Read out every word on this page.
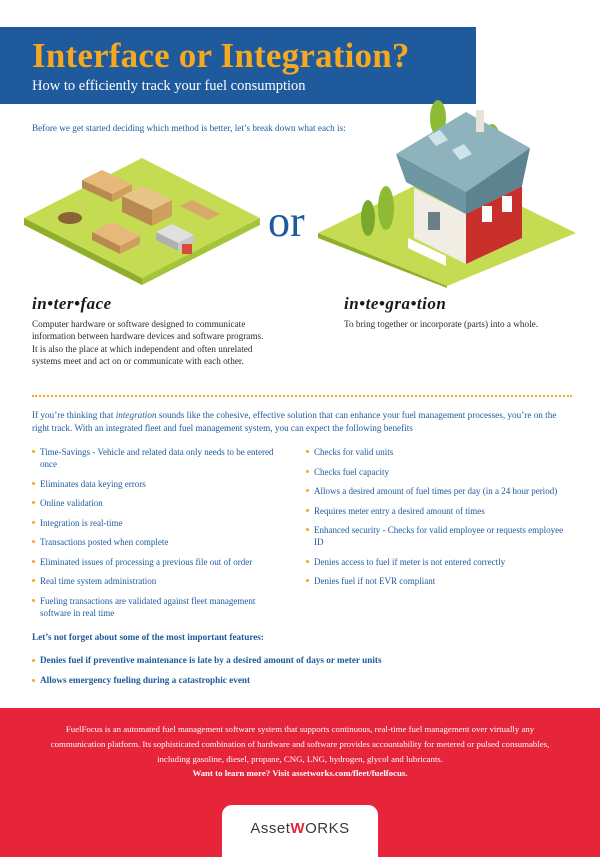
Interface or Integration?

How to efficiently track your fuel consumption

Before we get started deciding which method is better, let’s break down what each is:

or

in•ter•face

Computer hardware or software designed to communicate information between hardware devices and software programs. It is also the place at which independent and often unrelated systems meet and act on or communicate with each other.

in•te•gra•tion

To bring together or incorporate (parts) into a whole.

If you’re thinking that integration sounds like the cohesive, effective solution that can enhance your fuel management processes, you’re on the right track. With an integrated fleet and fuel management system, you can expect the following benefits

Time-Savings - Vehicle and related data only needs to be entered once
Eliminates data keying errors
Online validation
Integration is real-time
Transactions posted when complete
Eliminated issues of processing a previous file out of order
Real time system administration
Fueling transactions are validated against fleet management software in real time
Checks for valid units
Checks fuel capacity
Allows a desired amount of fuel times per day (in a 24 hour period)
Requires meter entry a desired amount of times
Enhanced security - Checks for valid employee or requests employee ID
Denies access to fuel if meter is not entered correctly
Denies fuel if not EVR compliant

Let’s not forget about some of the most important features:

Denies fuel if preventive maintenance is late by a desired amount of days or meter units
Allows emergency fueling during a catastrophic event

FuelFocus is an automated fuel management software system that supports continuous, real-time fuel management over virtually any communication platform. Its sophisticated combination of hardware and software provides accountability for metered or pulsed consumables, including gasoline, diesel, propane, CNG, LNG, hydrogen, glycol and lubricants.

Want to learn more? Visit assetworks.com/fleet/fuelfocus.

AssetWORKS
